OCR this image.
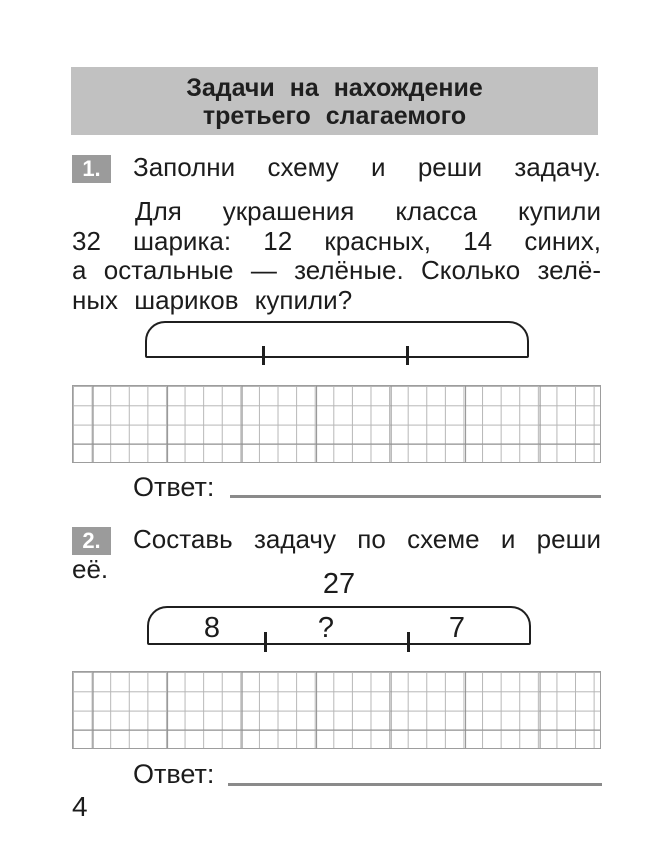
Задачи на нахождение
третьего слагаемого
1.	Заполни схему и реши задачу.
Для украшения класса купили
32 шарика: 12 красных, 14 синих,
а остальные — зелёные. Сколько зелё-
ных шариков купили?
Ответ:
2.	Составь задачу по схеме и реши
её.	27
8	?	7
Ответ:
4
